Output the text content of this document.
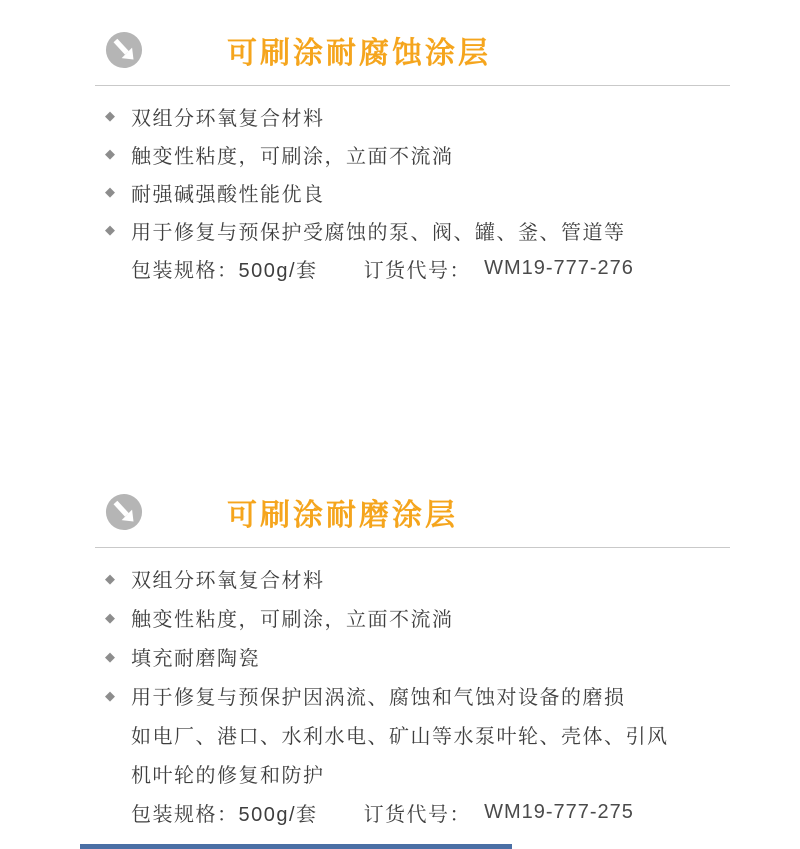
可刷涂耐腐蚀涂层
◆ 双组分环氧复合材料
◆ 触变性粘度，可刷涂，立面不流淌
◆ 耐强碱强酸性能优良
◆ 用于修复与预保护受腐蚀的泵、阀、罐、釜、管道等
包装规格：500g/套 订货代号： WM19-777-276
可刷涂耐磨涂层
◆ 双组分环氧复合材料
◆ 触变性粘度，可刷涂，立面不流淌
◆ 填充耐磨陶瓷
◆ 用于修复与预保护因涡流、腐蚀和气蚀对设备的磨损
如电厂、港口、水利水电、矿山等水泵叶轮、壳体、引风
机叶轮的修复和防护
包装规格：500g/套 订货代号： WM19-777-275
